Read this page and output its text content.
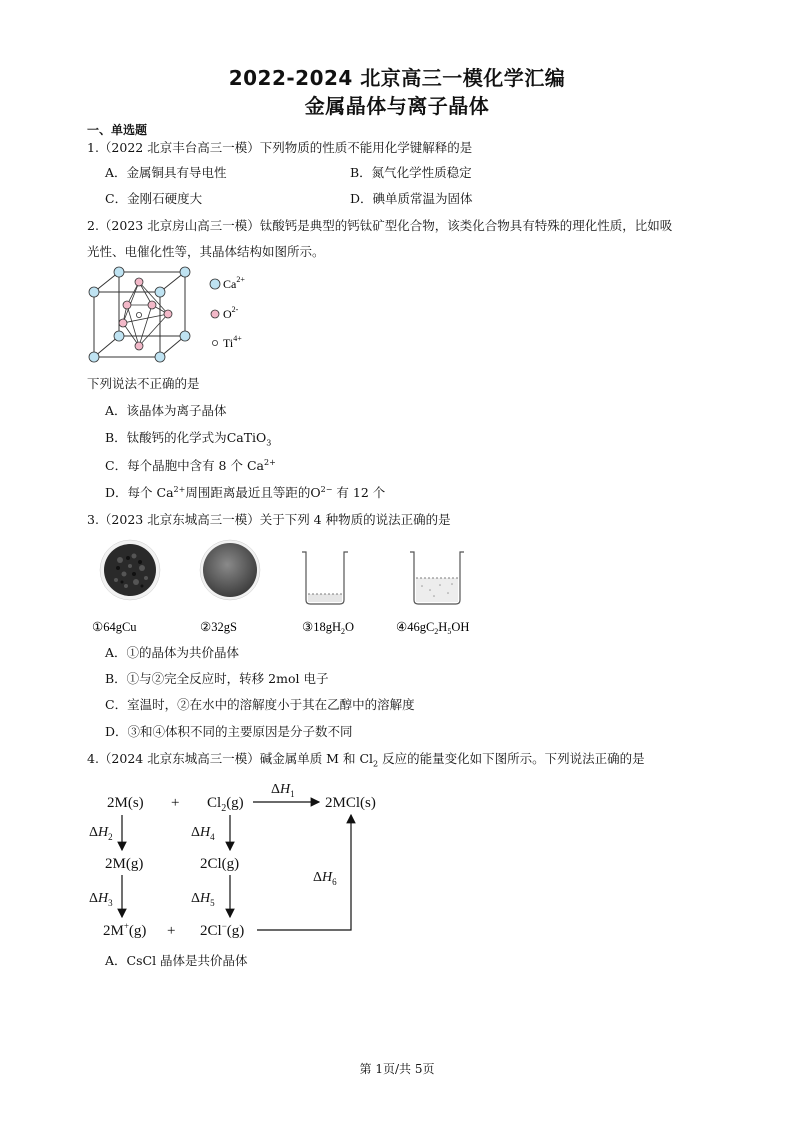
2022-2024 北京高三一模化学汇编
金属晶体与离子晶体
一、单选题
1.（2022 北京丰台高三一模）下列物质的性质不能用化学键解释的是
A．金属铜具有导电性	B．氮气化学性质稳定
C．金刚石硬度大	D．碘单质常温为固体
2.（2023 北京房山高三一模）钛酸钙是典型的钙钛矿型化合物，该类化合物具有特殊的理化性质，比如吸
光性、电催化性等，其晶体结构如图所示。
$Ca^{2+}$
$O^{2-}$
$Ti^{4+}$
下列说法不正确的是
A．该晶体为离子晶体
B．钛酸钙的化学式为CaTiO$_3$
C．每个晶胞中含有 8 个 $Ca^{2+}$
D．每个 $Ca^{2+}$周围距离最近且等距的$O^{2-}$ 有 12 个
3.（2023 北京东城高三一模）关于下列 4 种物质的说法正确的是
①64gCu	②32gS	$③18gH_2O$	$④46gC_2H_5OH$
A．①的晶体为共价晶体
B．①与②完全反应时，转移 2mol 电子
C．室温时，②在水中的溶解度小于其在乙醇中的溶解度
D．③和④体积不同的主要原因是分子数不同
4.（2024 北京东城高三一模）碱金属单质 M 和 $Cl_2$ 反应的能量变化如下图所示。下列说法正确的是
$2M(s) + Cl_2(g)$	2MCl(s)
2M(g)	2Cl(g)
2M+(g) + 2Cl−(g)
$\Delta H_1$
$\Delta H_2$	$\Delta H_4$
$\Delta H_3$	$\Delta H_5$
$\Delta H_6$
A．CsCl 晶体是共价晶体
第 1页/共 5页
